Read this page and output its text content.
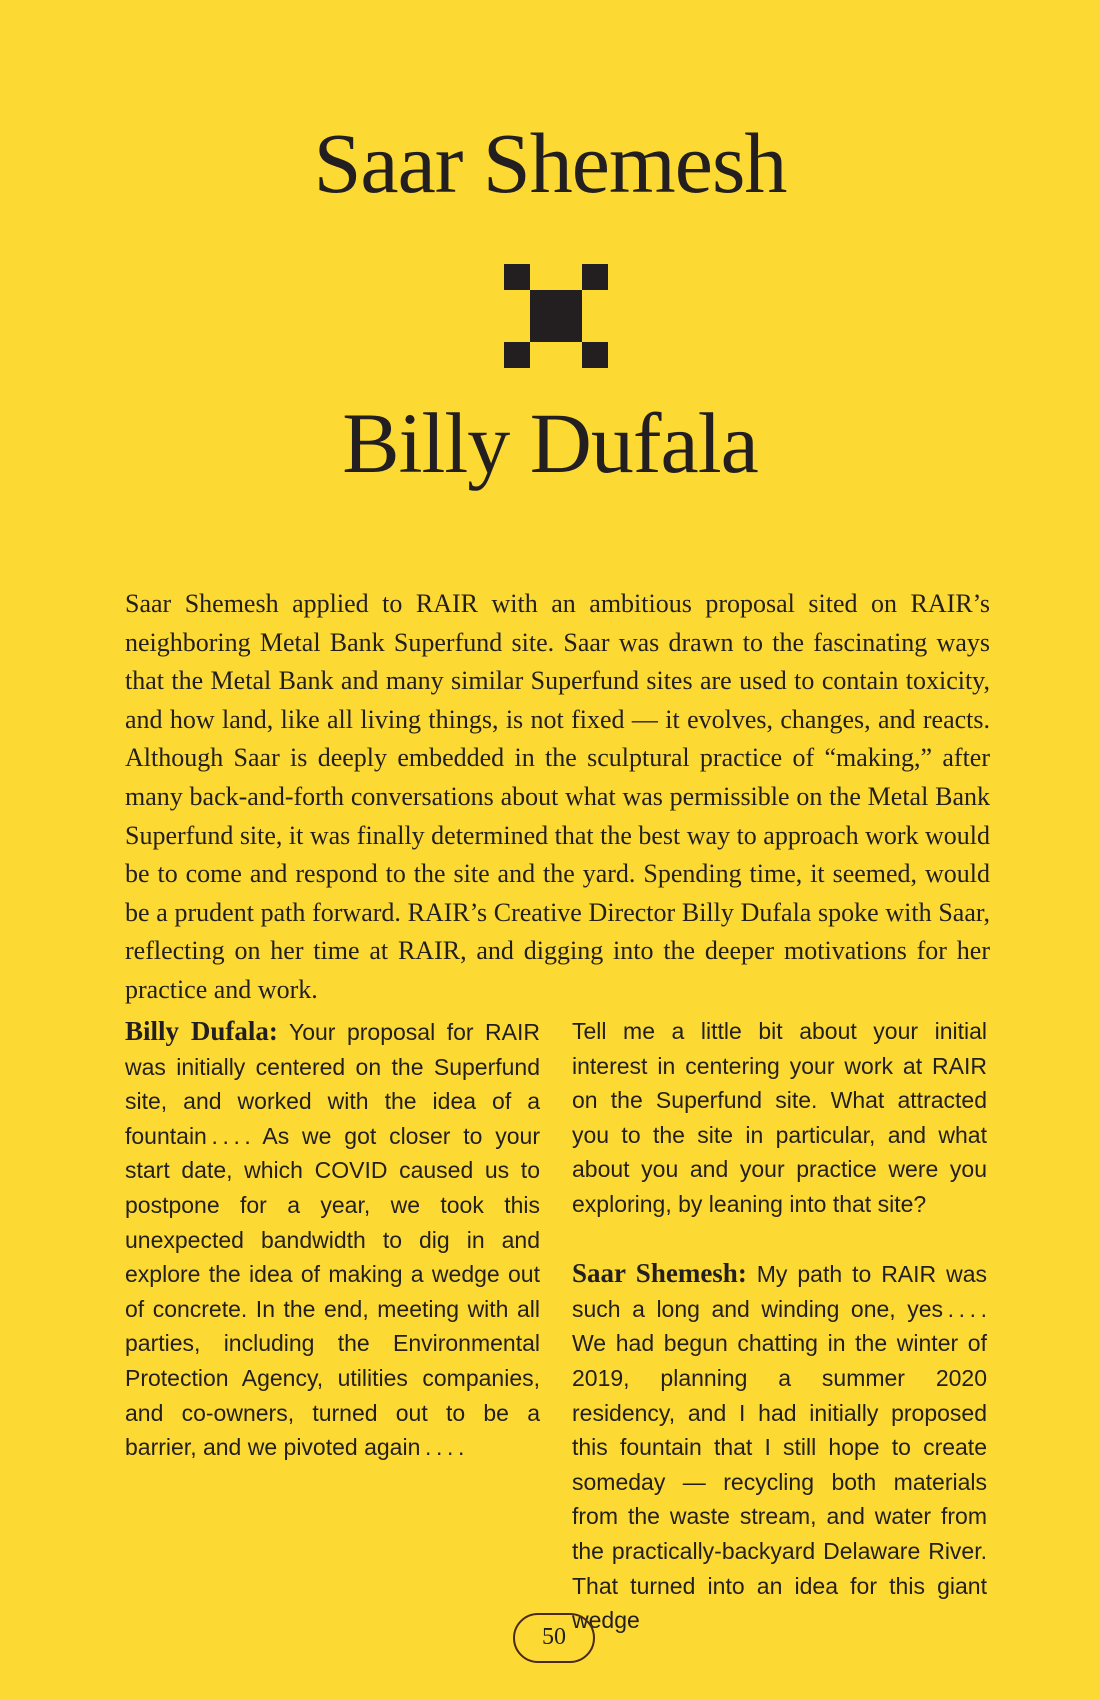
Saar Shemesh
Billy Dufala

Saar Shemesh applied to RAIR with an ambitious proposal sited on RAIR’s neighboring Metal Bank Superfund site. Saar was drawn to the fascinating ways that the Metal Bank and many similar Superfund sites are used to contain toxicity, and how land, like all living things, is not fixed — it evolves, changes, and reacts. Although Saar is deeply embedded in the sculptural practice of “making,” after many back-and-forth conversations about what was permissible on the Metal Bank Superfund site, it was finally determined that the best way to approach work would be to come and respond to the site and the yard. Spending time, it seemed, would be a prudent path forward. RAIR’s Creative Director Billy Dufala spoke with Saar, reflecting on her time at RAIR, and digging into the deeper motivations for her practice and work.

Billy Dufala: Your proposal for RAIR was initially centered on the Superfund site, and worked with the idea of a fountain . . . . As we got closer to your start date, which COVID caused us to postpone for a year, we took this unexpected bandwidth to dig in and explore the idea of making a wedge out of concrete. In the end, meeting with all parties, including the Environmental Protection Agency, utilities companies, and co-owners, turned out to be a barrier, and we pivoted again . . . .

Tell me a little bit about your initial interest in centering your work at RAIR on the Superfund site. What attracted you to the site in particular, and what about you and your practice were you exploring, by leaning into that site?

Saar Shemesh: My path to RAIR was such a long and winding one, yes . . . . We had begun chatting in the winter of 2019, planning a summer 2020 residency, and I had initially proposed this fountain that I still hope to create someday — recycling both materials from the waste stream, and water from the practically-backyard Delaware River. That turned into an idea for this giant wedge

50
